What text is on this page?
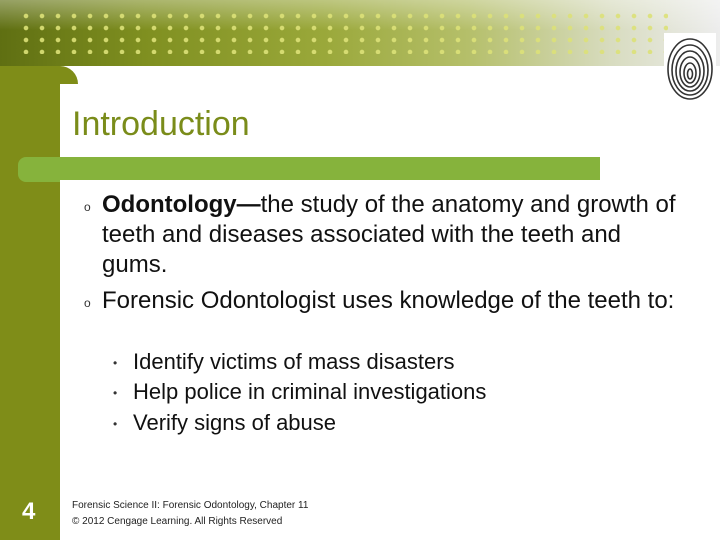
Introduction
o Odontology—the study of the anatomy and growth of teeth and diseases associated with the teeth and gums.
o Forensic Odontologist uses knowledge of the teeth to:
• Identify victims of mass disasters
• Help police in criminal investigations
• Verify signs of abuse
4	Forensic Science II: Forensic Odontology, Chapter 11
© 2012 Cengage Learning. All Rights Reserved
